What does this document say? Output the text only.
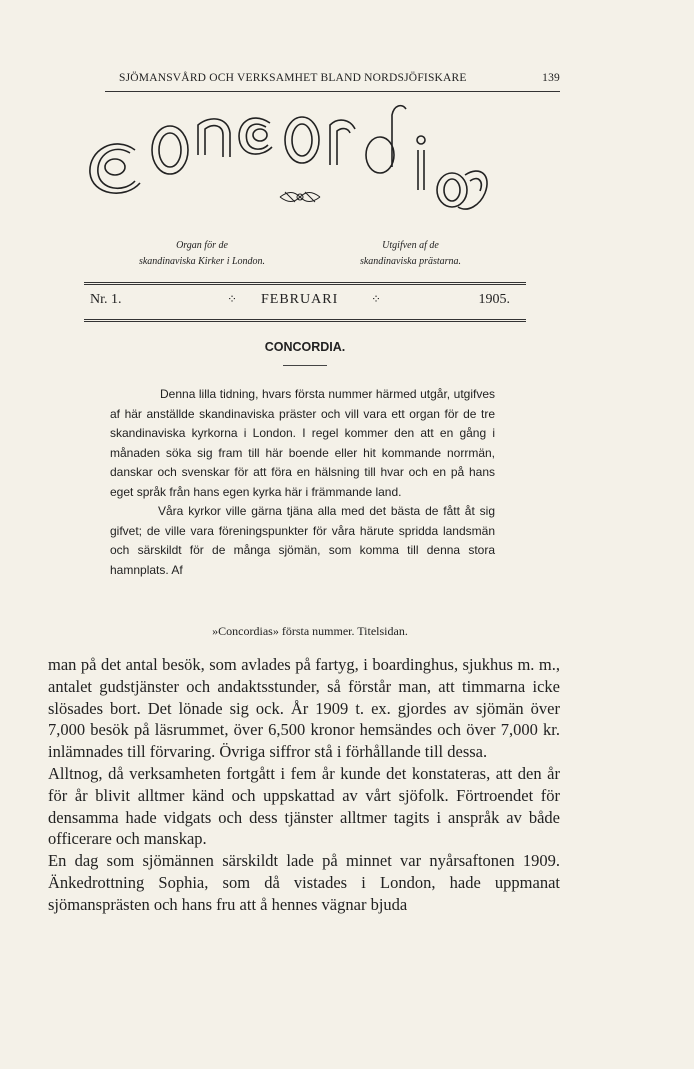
SJÖMANSVÅRD OCH VERKSAMHET BLAND NORDSJÖFISKARE	139

Organ för de
skandinaviska Kirker i London.
Utgifven af de
skandinaviska prästarna.
Nr. 1.	⁘ FEBRUARI	⁘	1905.
CONCORDIA.

Denna lilla tidning, hvars första nummer härmed utgår, utgifves af här anställde skandinaviska präster och vill vara ett organ för de tre skandinaviska kyrkorna i London. I regel kommer den att en gång i månaden söka sig fram till här boende eller hit kommande norrmän, danskar och svenskar för att föra en hälsning till hvar och en på hans eget språk från hans egen kyrka här i främmande land.

Våra kyrkor ville gärna tjäna alla med det bästa de fått åt sig gifvet; de ville vara föreningspunkter för våra härute spridda landsmän och särskildt för de många sjömän, som komma till denna stora hamnplats. Af

»Concordias» första nummer. Titelsidan.

man på det antal besök, som avlades på fartyg, i boardinghus, sjukhus m. m., antalet gudstjänster och andaktsstunder, så förstår man, att timmarna icke slösades bort. Det lönade sig ock. År 1909 t. ex. gjordes av sjömän över 7,000 besök på läsrummet, över 6,500 kronor hemsändes och över 7,000 kr. inlämnades till förvaring. Övriga siffror stå i förhållande till dessa.

Alltnog, då verksamheten fortgått i fem år kunde det konstateras, att den år för år blivit alltmer känd och uppskattad av vårt sjöfolk. Förtroendet för densamma hade vidgats och dess tjänster alltmer tagits i anspråk av både officerare och manskap.

En dag som sjömännen särskildt lade på minnet var nyårsaftonen 1909. Änkedrottning Sophia, som då vistades i London, hade uppmanat sjömansprästen och hans fru att å hennes vägnar bjuda
